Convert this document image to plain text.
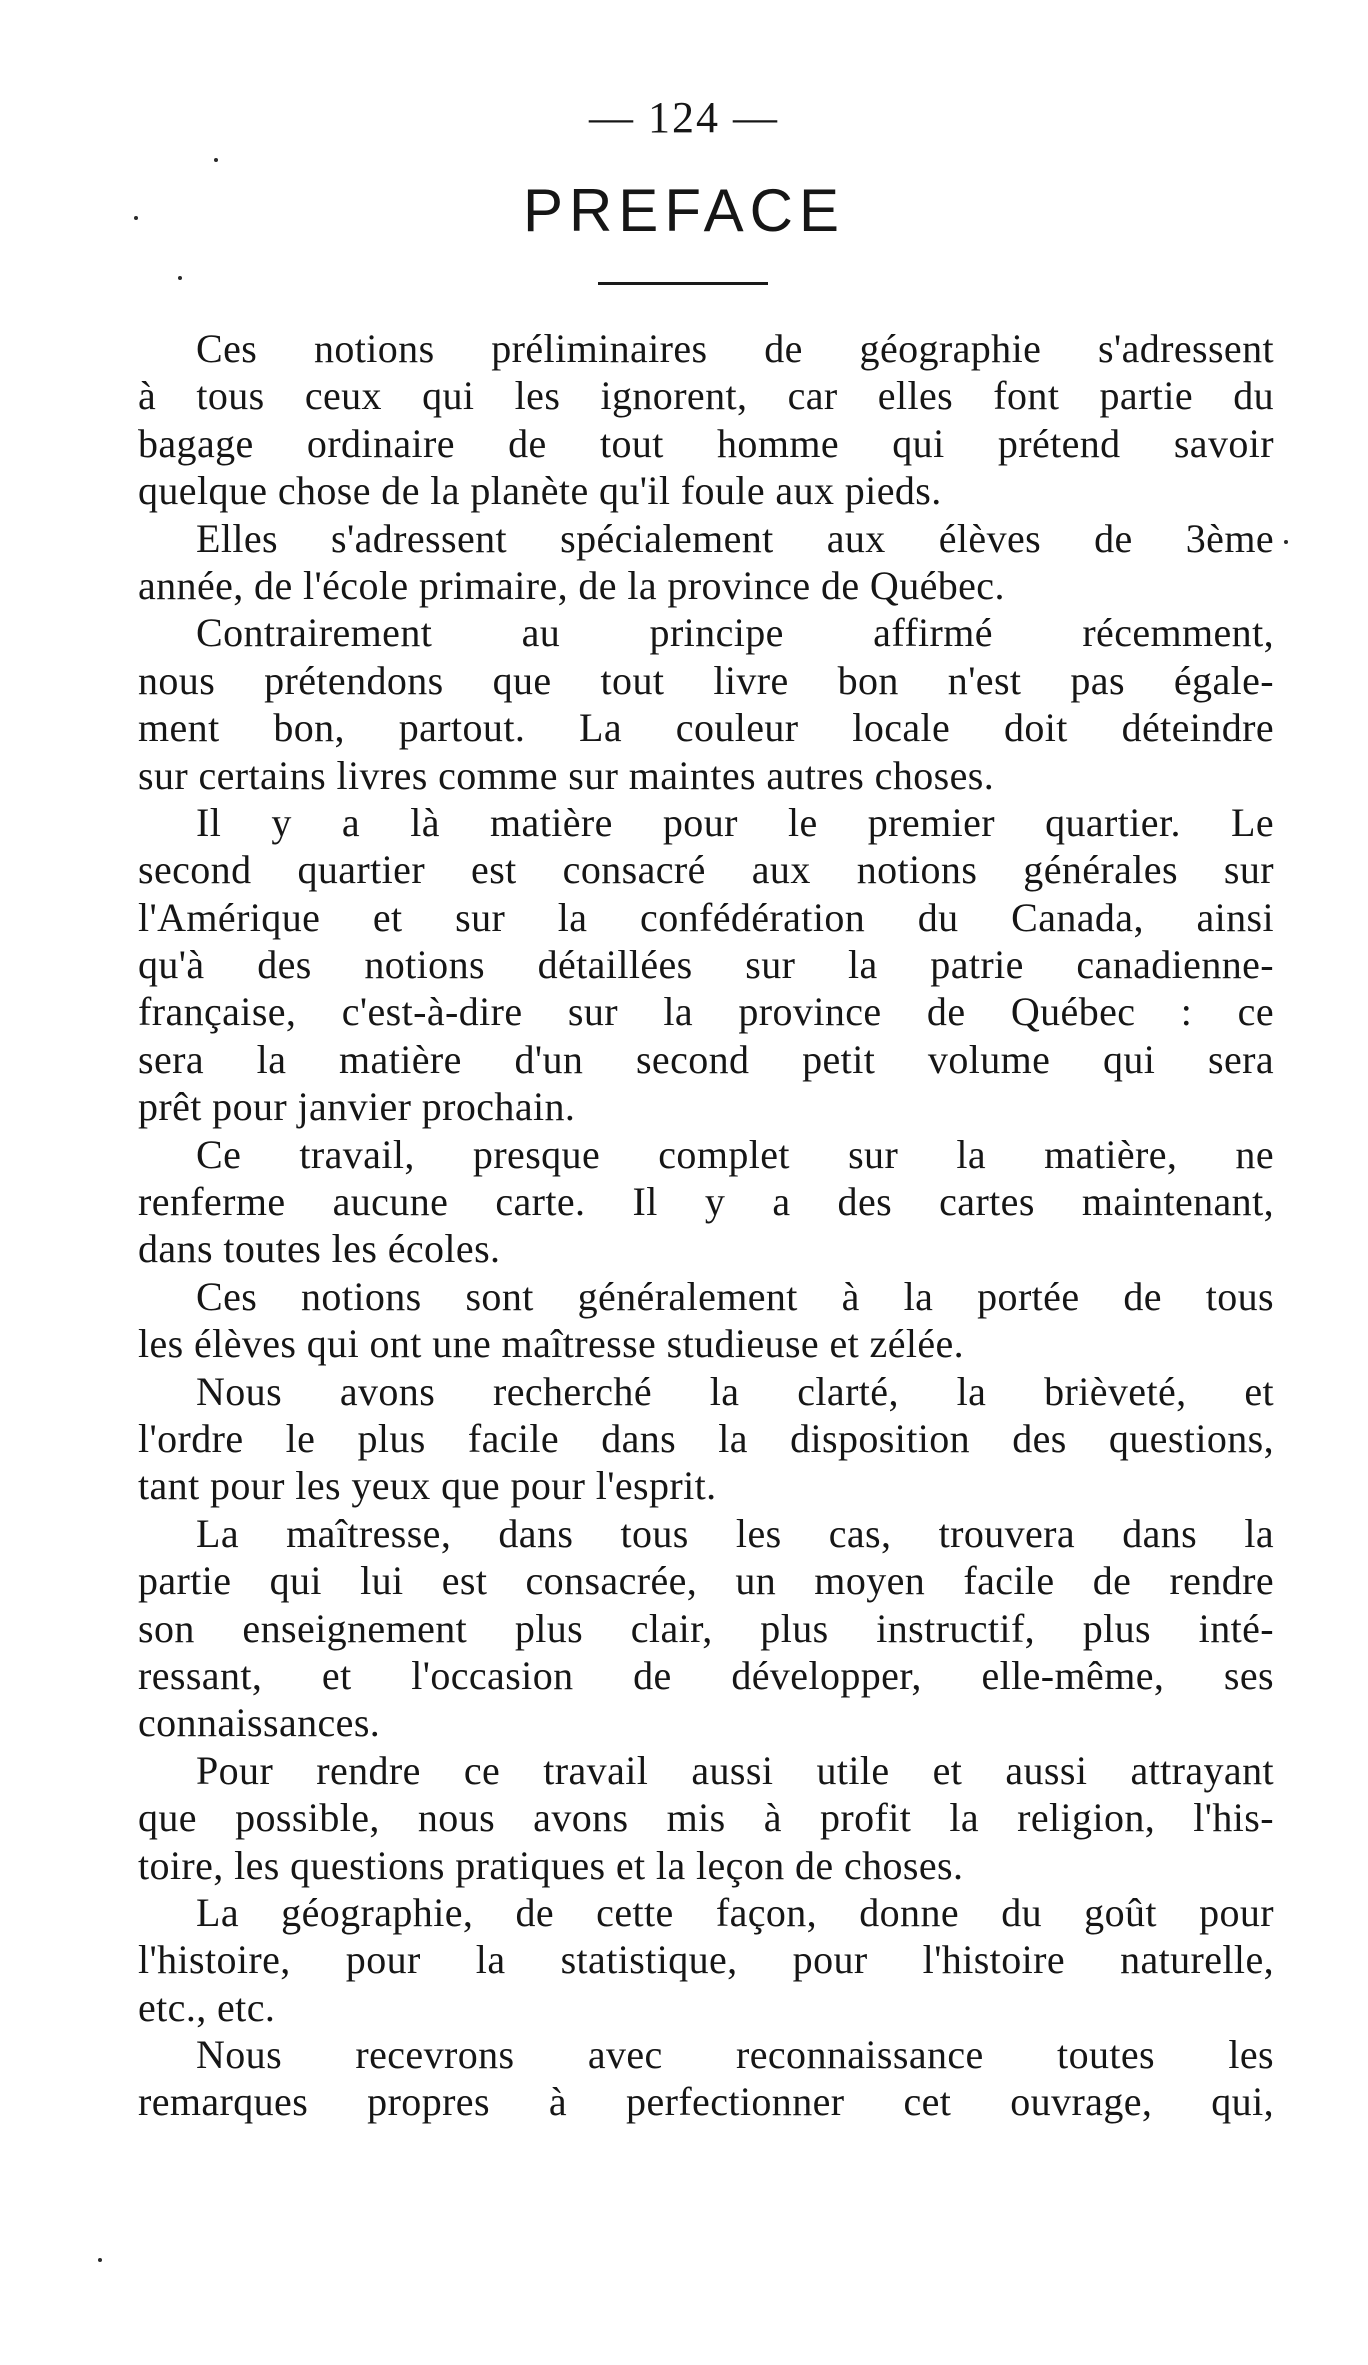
— 124 —
PREFACE
Ces notions préliminaires de géographie s'adressent
à tous ceux qui les ignorent, car elles font partie du
bagage ordinaire de tout homme qui prétend savoir
quelque chose de la planète qu'il foule aux pieds.
Elles s'adressent spécialement aux élèves de 3ème
année, de l'école primaire, de la province de Québec.
Contrairement au principe affirmé récemment,
nous prétendons que tout livre bon n'est pas égale-
ment bon, partout. La couleur locale doit déteindre
sur certains livres comme sur maintes autres choses.
Il y a là matière pour le premier quartier. Le
second quartier est consacré aux notions générales sur
l'Amérique et sur la confédération du Canada, ainsi
qu'à des notions détaillées sur la patrie canadienne-
française, c'est-à-dire sur la province de Québec : ce
sera la matière d'un second petit volume qui sera
prêt pour janvier prochain.
Ce travail, presque complet sur la matière, ne
renferme aucune carte. Il y a des cartes maintenant,
dans toutes les écoles.
Ces notions sont généralement à la portée de tous
les élèves qui ont une maîtresse studieuse et zélée.
Nous avons recherché la clarté, la brièveté, et
l'ordre le plus facile dans la disposition des questions,
tant pour les yeux que pour l'esprit.
La maîtresse, dans tous les cas, trouvera dans la
partie qui lui est consacrée, un moyen facile de rendre
son enseignement plus clair, plus instructif, plus inté-
ressant, et l'occasion de développer, elle-même, ses
connaissances.
Pour rendre ce travail aussi utile et aussi attrayant
que possible, nous avons mis à profit la religion, l'his-
toire, les questions pratiques et la leçon de choses.
La géographie, de cette façon, donne du goût pour
l'histoire, pour la statistique, pour l'histoire naturelle,
etc., etc.
Nous recevrons avec reconnaissance toutes les
remarques propres à perfectionner cet ouvrage, qui,
